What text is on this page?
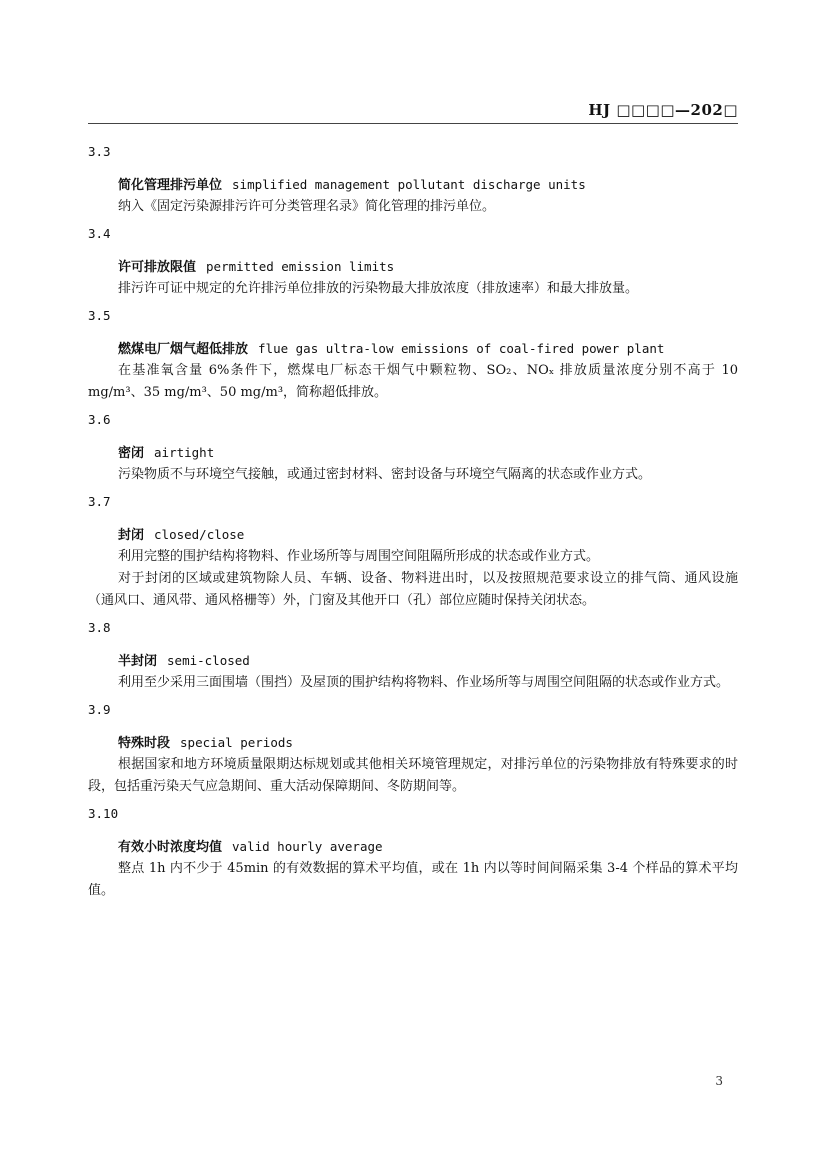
HJ □□□□—202□
3.3
简化管理排污单位 simplified management pollutant discharge units

纳入《固定污染源排污许可分类管理名录》简化管理的排污单位。

3.4
许可排放限值 permitted emission limits

排污许可证中规定的允许排污单位排放的污染物最大排放浓度（排放速率）和最大排放量。

3.5
燃煤电厂烟气超低排放 flue gas ultra-low emissions of coal-fired power plant

在基准氧含量 6%条件下，燃煤电厂标态干烟气中颗粒物、SO₂、NOₓ 排放质量浓度分别不高于 10 mg/m³、35 mg/m³、50 mg/m³，简称超低排放。

3.6
密闭 airtight

污染物质不与环境空气接触，或通过密封材料、密封设备与环境空气隔离的状态或作业方式。

3.7
封闭 closed/close

利用完整的围护结构将物料、作业场所等与周围空间阻隔所形成的状态或作业方式。

对于封闭的区域或建筑物除人员、车辆、设备、物料进出时，以及按照规范要求设立的排气筒、通风设施（通风口、通风带、通风格栅等）外，门窗及其他开口（孔）部位应随时保持关闭状态。

3.8
半封闭 semi-closed

利用至少采用三面围墙（围挡）及屋顶的围护结构将物料、作业场所等与周围空间阻隔的状态或作业方式。

3.9
特殊时段 special periods

根据国家和地方环境质量限期达标规划或其他相关环境管理规定，对排污单位的污染物排放有特殊要求的时段，包括重污染天气应急期间、重大活动保障期间、冬防期间等。

3.10
有效小时浓度均值 valid hourly average

整点 1h 内不少于 45min 的有效数据的算术平均值，或在 1h 内以等时间间隔采集 3-4 个样品的算术平均值。

3
